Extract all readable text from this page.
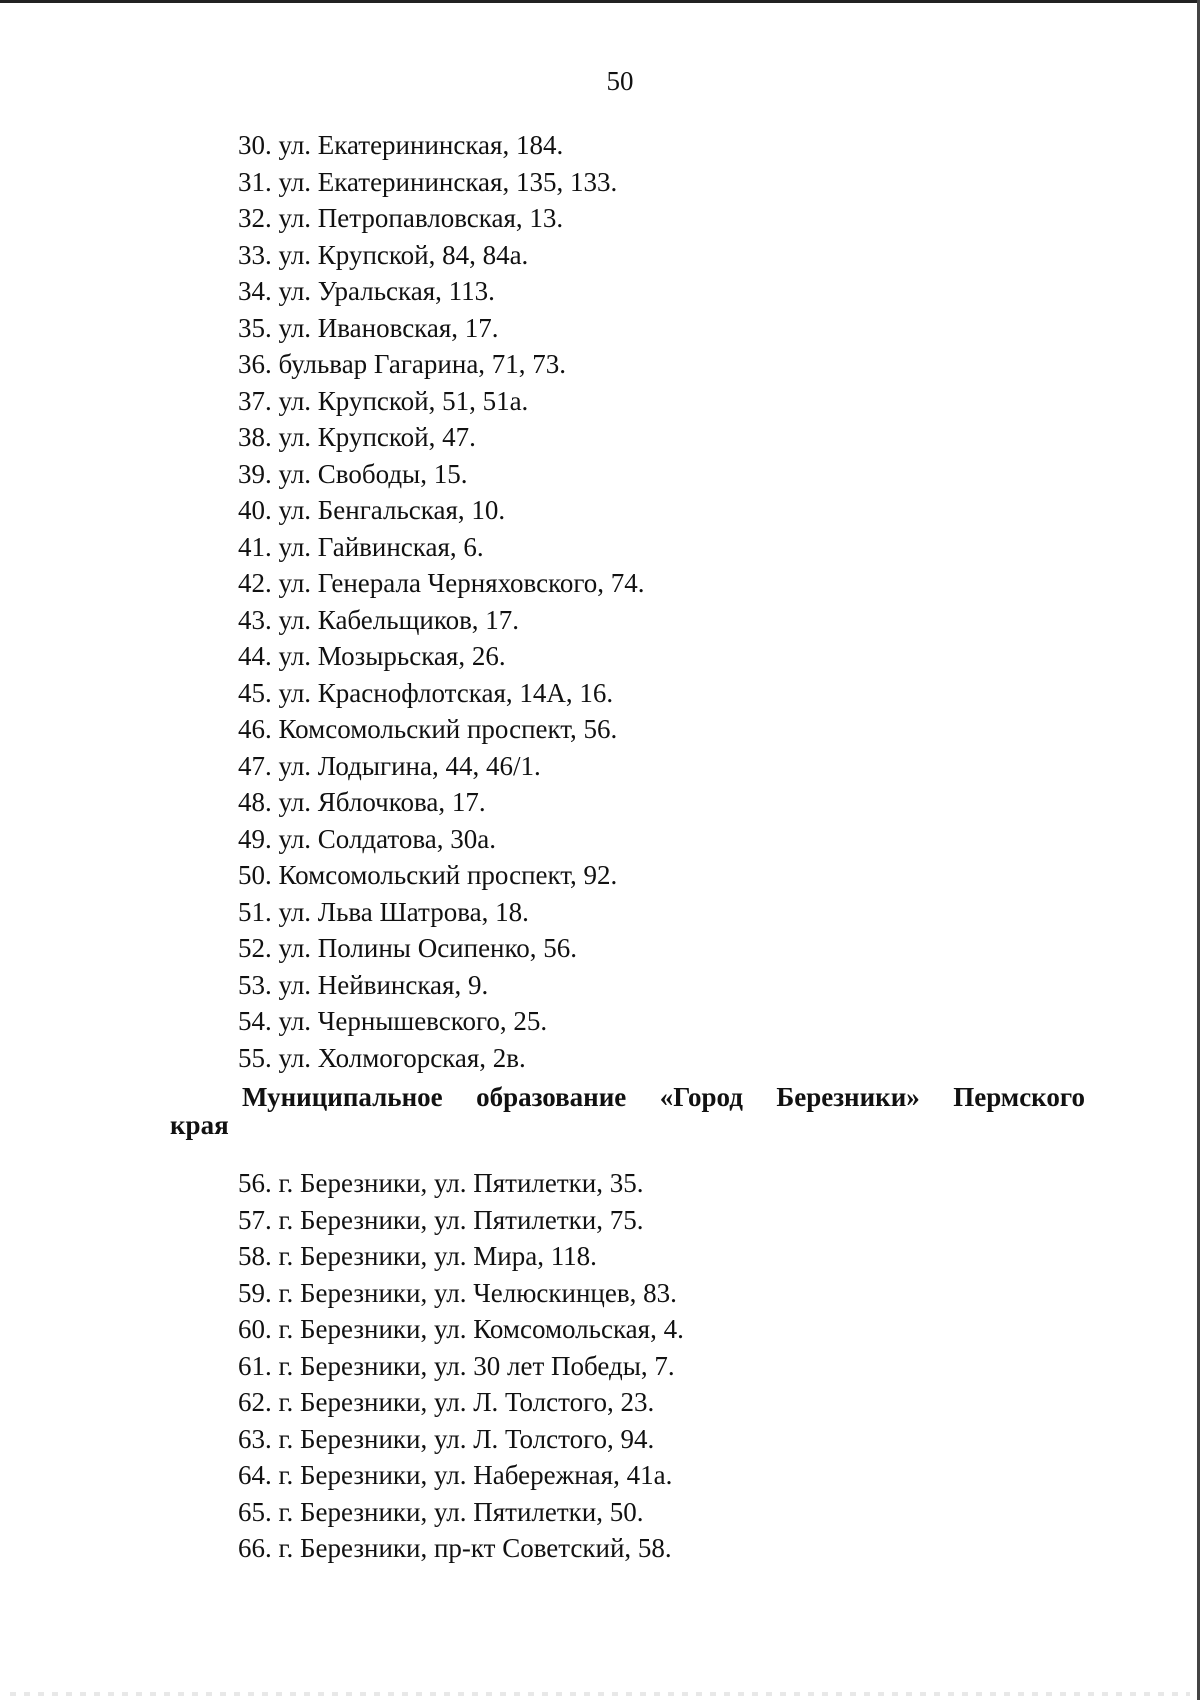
50
30. ул. Екатерининская, 184.
31. ул. Екатерининская, 135, 133.
32. ул. Петропавловская, 13.
33. ул. Крупской, 84, 84а.
34. ул. Уральская, 113.
35. ул. Ивановская, 17.
36. бульвар Гагарина, 71, 73.
37. ул. Крупской, 51, 51а.
38. ул. Крупской, 47.
39. ул. Свободы, 15.
40. ул. Бенгальская, 10.
41. ул. Гайвинская, 6.
42. ул. Генерала Черняховского, 74.
43. ул. Кабельщиков, 17.
44. ул. Мозырьская, 26.
45. ул. Краснофлотская, 14А, 16.
46. Комсомольский проспект, 56.
47. ул. Лодыгина, 44, 46/1.
48. ул. Яблочкова, 17.
49. ул. Солдатова, 30а.
50. Комсомольский проспект, 92.
51. ул. Льва Шатрова, 18.
52. ул. Полины Осипенко, 56.
53. ул. Нейвинская, 9.
54. ул. Чернышевского, 25.
55. ул. Холмогорская, 2в.
Муниципальное образование «Город Березники» Пермского
края
56. г. Березники, ул. Пятилетки, 35.
57. г. Березники, ул. Пятилетки, 75.
58. г. Березники, ул. Мира, 118.
59. г. Березники, ул. Челюскинцев, 83.
60. г. Березники, ул. Комсомольская, 4.
61. г. Березники, ул. 30 лет Победы, 7.
62. г. Березники, ул. Л. Толстого, 23.
63. г. Березники, ул. Л. Толстого, 94.
64. г. Березники, ул. Набережная, 41а.
65. г. Березники, ул. Пятилетки, 50.
66. г. Березники, пр-кт Советский, 58.
